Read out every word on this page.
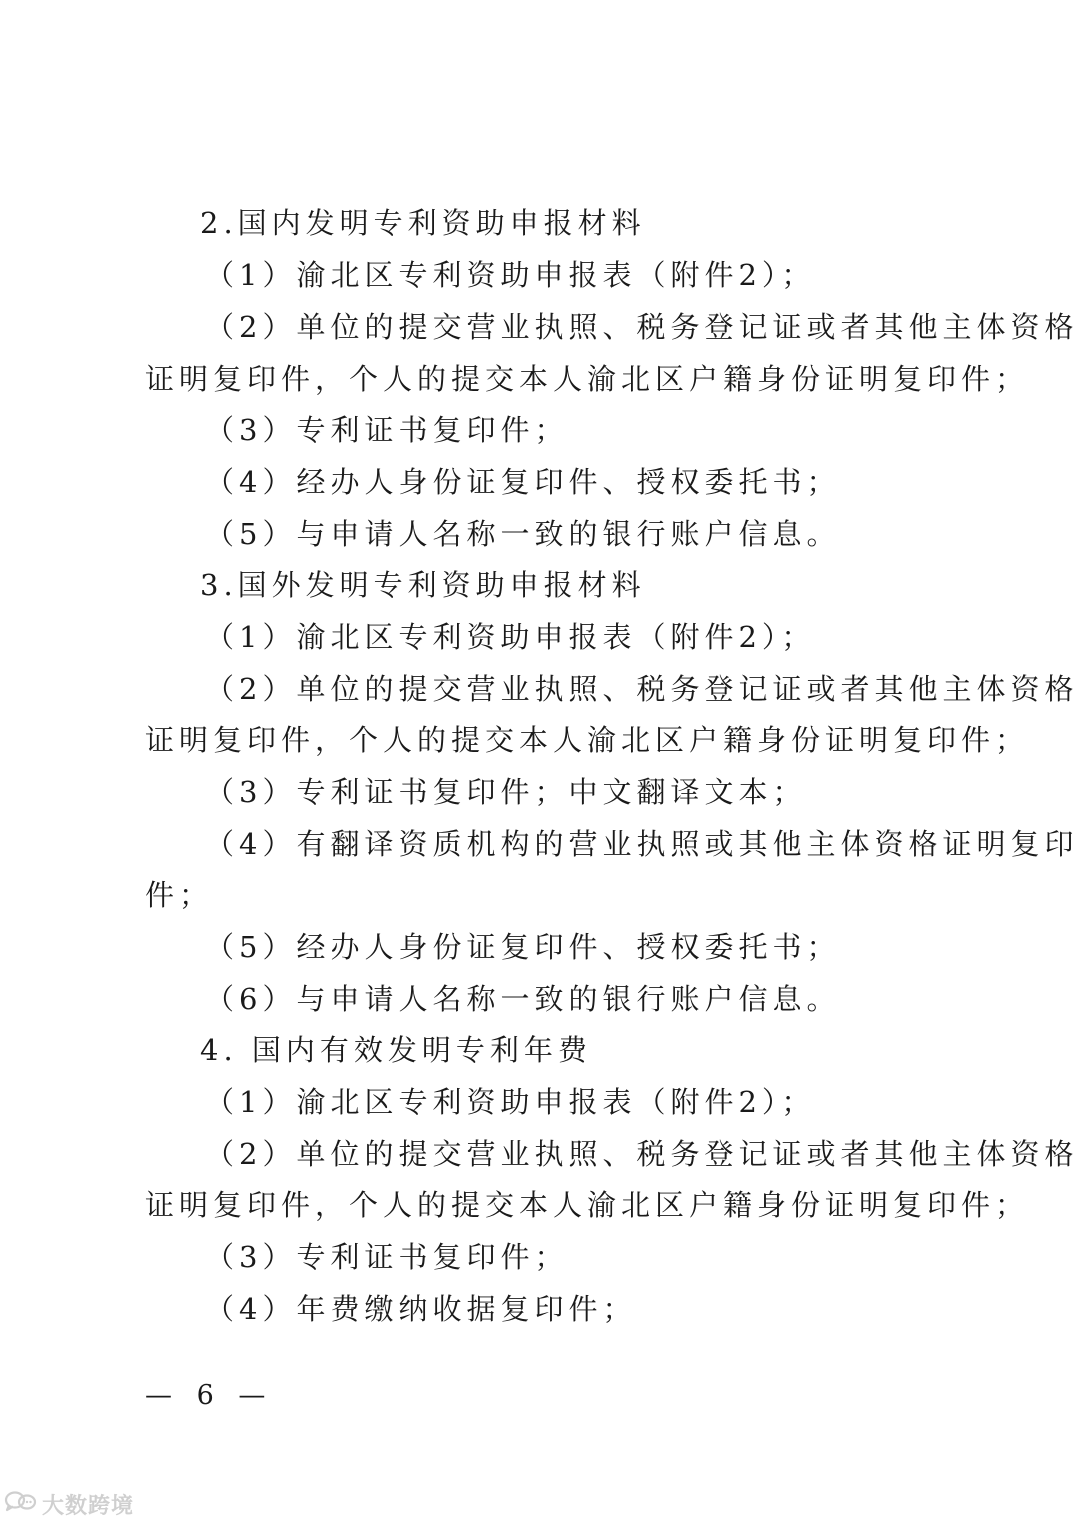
2.国内发明专利资助申报材料
（1）渝北区专利资助申报表（附件2）；
（2）单位的提交营业执照、税务登记证或者其他主体资格
证明复印件，个人的提交本人渝北区户籍身份证明复印件；
（3）专利证书复印件；
（4）经办人身份证复印件、授权委托书；
（5）与申请人名称一致的银行账户信息。
3.国外发明专利资助申报材料
（1）渝北区专利资助申报表（附件2）；
（2）单位的提交营业执照、税务登记证或者其他主体资格
证明复印件，个人的提交本人渝北区户籍身份证明复印件；
（3）专利证书复印件；中文翻译文本；
（4）有翻译资质机构的营业执照或其他主体资格证明复印
件；
（5）经办人身份证复印件、授权委托书；
（6）与申请人名称一致的银行账户信息。
4. 国内有效发明专利年费
（1）渝北区专利资助申报表（附件2）；
（2）单位的提交营业执照、税务登记证或者其他主体资格
证明复印件，个人的提交本人渝北区户籍身份证明复印件；
（3）专利证书复印件；
（4）年费缴纳收据复印件；
— 6 —
大数跨境
